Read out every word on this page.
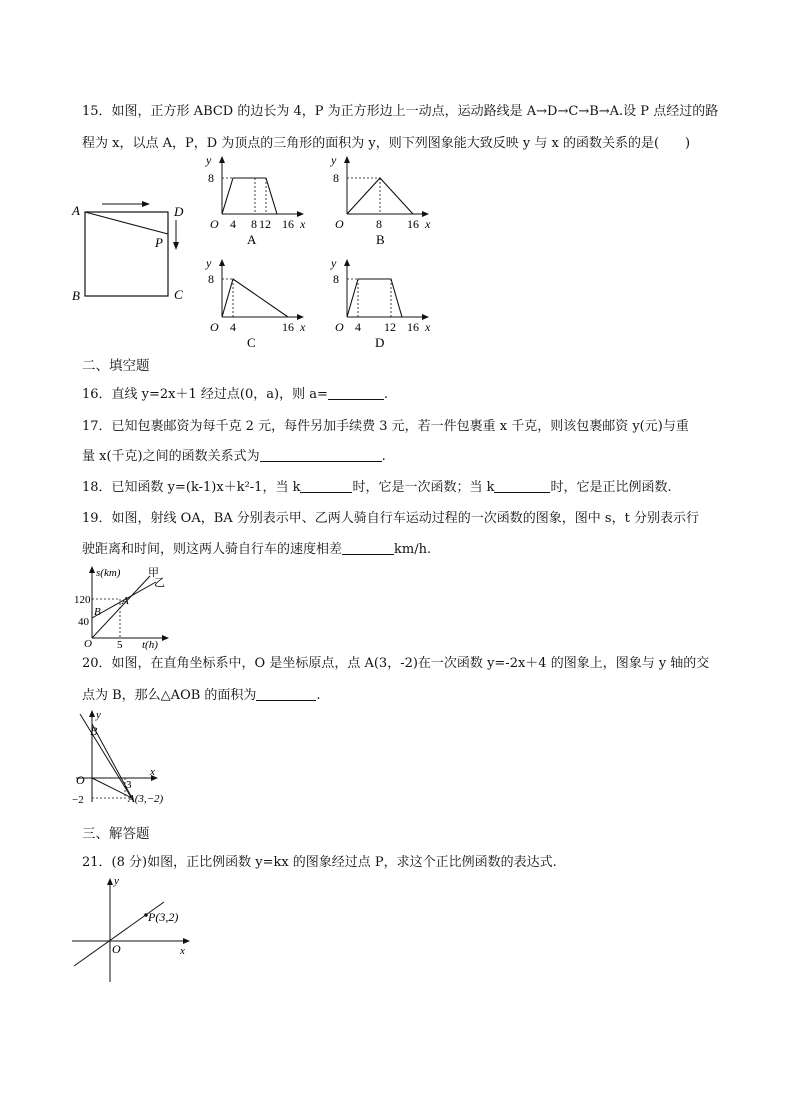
15．如图，正方形 ABCD 的边长为 4，P 为正方形边上一动点，运动路线是 A→D→C→B→A.设 P 点经过的路
程为 x，以点 A，P，D 为顶点的三角形的面积为 y，则下列图象能大致反映 y 与 x 的函数关系的是(　　)
A	D
P
B	C
y
8
O 4 8 12 16 x
A
y
8
O	8 16 x
B
y
8
O 4	16 x
C
y
8
O 4 12 16 x
D
二、填空题
16．直线 y=2x＋1 经过点(0，a)，则 a=	.
17．已知包裹邮资为每千克 2 元，每件另加手续费 3 元，若一件包裹重 x 千克，则该包裹邮资 y(元)与重
量 x(千克)之间的函数关系式为	.
18．已知函数 y=(k-1)x＋k²-1，当 k	时，它是一次函数；当 k	时，它是正比例函数.
19．如图，射线 OA，BA 分别表示甲、乙两人骑自行车运动过程的一次函数的图象，图中 s，t 分别表示行
驶距离和时间，则这两人骑自行车的速度相差	km/h.
s(km)	甲
乙
120
40
B
A
O 5 t(h)
20．如图，在直角坐标系中，O 是坐标原点，点 A(3，-2)在一次函数 y=-2x＋4 的图象上，图象与 y 轴的交
点为 B，那么△AOB 的面积为	.
y
B
O	3
x
−2	A(3,−2)
三、解答题
21．(8 分)如图，正比例函数 y=kx 的图象经过点 P，求这个正比例函数的表达式.
y
O	x
P(3,2)
